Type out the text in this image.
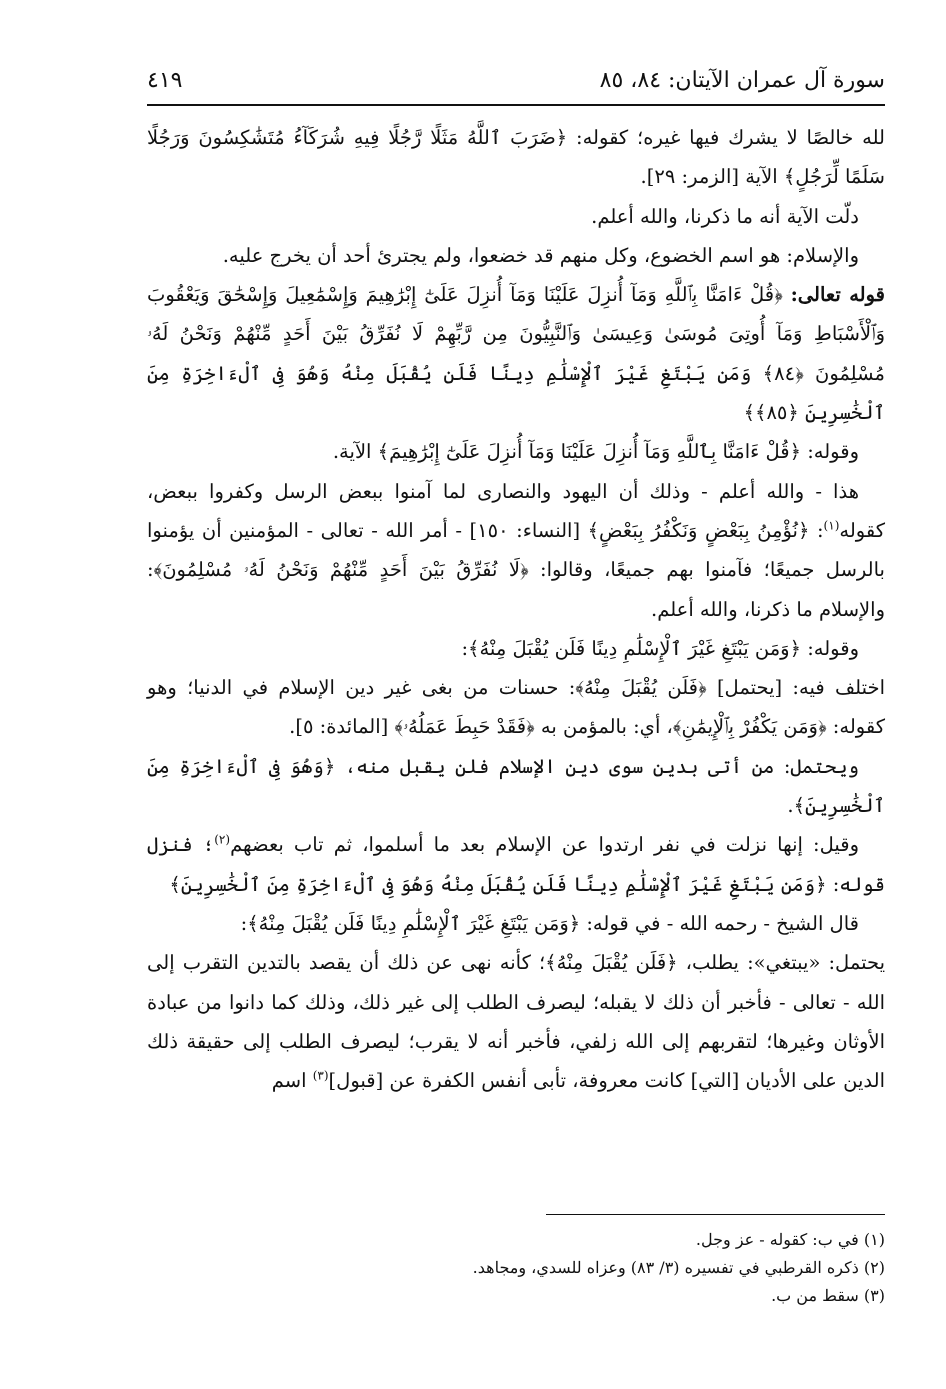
سورة آل عمران الآيتان: ٨٤، ٨٥
٤١٩

لله خالصًا لا يشرك فيها غيره؛ كقوله: ﴿ضَرَبَ ٱللَّهُ مَثَلًا رَّجُلًا فِيهِ شُرَكَآءُ مُتَشَٰكِسُونَ وَرَجُلًا سَلَمًا لِّرَجُلٍ﴾ الآية [الزمر: ٢٩].

دلّت الآية أنه ما ذكرنا، والله أعلم.

والإسلام: هو اسم الخضوع، وكل منهم قد خضعوا، ولم يجترئ أحد أن يخرج عليه.

قوله تعالى: ﴿قُلْ ءَامَنَّا بِٱللَّهِ وَمَآ أُنزِلَ عَلَيْنَا وَمَآ أُنزِلَ عَلَىٰٓ إِبْرَٰهِيمَ وَإِسْمَٰعِيلَ وَإِسْحَٰقَ وَيَعْقُوبَ وَٱلْأَسْبَاطِ وَمَآ أُوتِىَ مُوسَىٰ وَعِيسَىٰ وَٱلنَّبِيُّونَ مِن رَّبِّهِمْ لَا نُفَرِّقُ بَيْنَ أَحَدٍ مِّنْهُمْ وَنَحْنُ لَهُۥ مُسْلِمُونَ ﴿٨٤﴾ وَمَن يَبْتَغِ غَيْرَ ٱلْإِسْلَٰمِ دِينًا فَلَن يُقْبَلَ مِنْهُ وَهُوَ فِى ٱلْءَاخِرَةِ مِنَ ٱلْخَٰسِرِينَ ﴿٨٥﴾﴾

وقوله: ﴿قُلْ ءَامَنَّا بِٱللَّهِ وَمَآ أُنزِلَ عَلَيْنَا وَمَآ أُنزِلَ عَلَىٰٓ إِبْرَٰهِيمَ﴾ الآية.

هذا - والله أعلم - وذلك أن اليهود والنصارى لما آمنوا ببعض الرسل وكفروا ببعض، كقوله$^{(١)}$: ﴿نُؤْمِنُ بِبَعْضٍ وَنَكْفُرُ بِبَعْضٍ﴾ [النساء: ١٥٠] - أمر الله - تعالى - المؤمنين أن يؤمنوا بالرسل جميعًا؛ فآمنوا بهم جميعًا، وقالوا: ﴿لَا نُفَرِّقُ بَيْنَ أَحَدٍ مِّنْهُمْ وَنَحْنُ لَهُۥ مُسْلِمُونَ﴾: والإسلام ما ذكرنا، والله أعلم.

وقوله: ﴿وَمَن يَبْتَغِ غَيْرَ ٱلْإِسْلَٰمِ دِينًا فَلَن يُقْبَلَ مِنْهُ﴾:

اختلف فيه: [يحتمل] ﴿فَلَن يُقْبَلَ مِنْهُ﴾: حسنات من بغى غير دين الإسلام في الدنيا؛ وهو كقوله: ﴿وَمَن يَكْفُرْ بِٱلْإِيمَٰنِ﴾، أي: بالمؤمن به ﴿فَقَدْ حَبِطَ عَمَلُهُۥ﴾ [المائدة: ٥].

ويحتمل: من أتى بدين سوى دين الإسلام فلن يقبل منه، ﴿وَهُوَ فِى ٱلْءَاخِرَةِ مِنَ ٱلْخَٰسِرِينَ﴾.

وقيل: إنها نزلت في نفر ارتدوا عن الإسلام بعد ما أسلموا، ثم تاب بعضهم$^{(٢)}$؛ فنزل قوله: ﴿وَمَن يَبْتَغِ غَيْرَ ٱلْإِسْلَٰمِ دِينًا فَلَن يُقْبَلَ مِنْهُ وَهُوَ فِى ٱلْءَاخِرَةِ مِنَ ٱلْخَٰسِرِينَ﴾

قال الشيخ - رحمه الله - في قوله: ﴿وَمَن يَبْتَغِ غَيْرَ ٱلْإِسْلَٰمِ دِينًا فَلَن يُقْبَلَ مِنْهُ﴾:

يحتمل: «يبتغي»: يطلب، ﴿فَلَن يُقْبَلَ مِنْهُ﴾؛ كأنه نهى عن ذلك أن يقصد بالتدين التقرب إلى الله - تعالى - فأخبر أن ذلك لا يقبله؛ ليصرف الطلب إلى غير ذلك، وذلك كما دانوا من عبادة الأوثان وغيرها؛ لتقربهم إلى الله زلفي، فأخبر أنه لا يقرب؛ ليصرف الطلب إلى حقيقة ذلك الدين على الأديان [التي] كانت معروفة، تأبى أنفس الكفرة عن [قبول]$^{(٣)}$ اسم

(١) في ب: كقوله - عز وجل.

(٢) ذكره القرطبي في تفسيره (٣/ ٨٣) وعزاه للسدي، ومجاهد.

(٣) سقط من ب.
